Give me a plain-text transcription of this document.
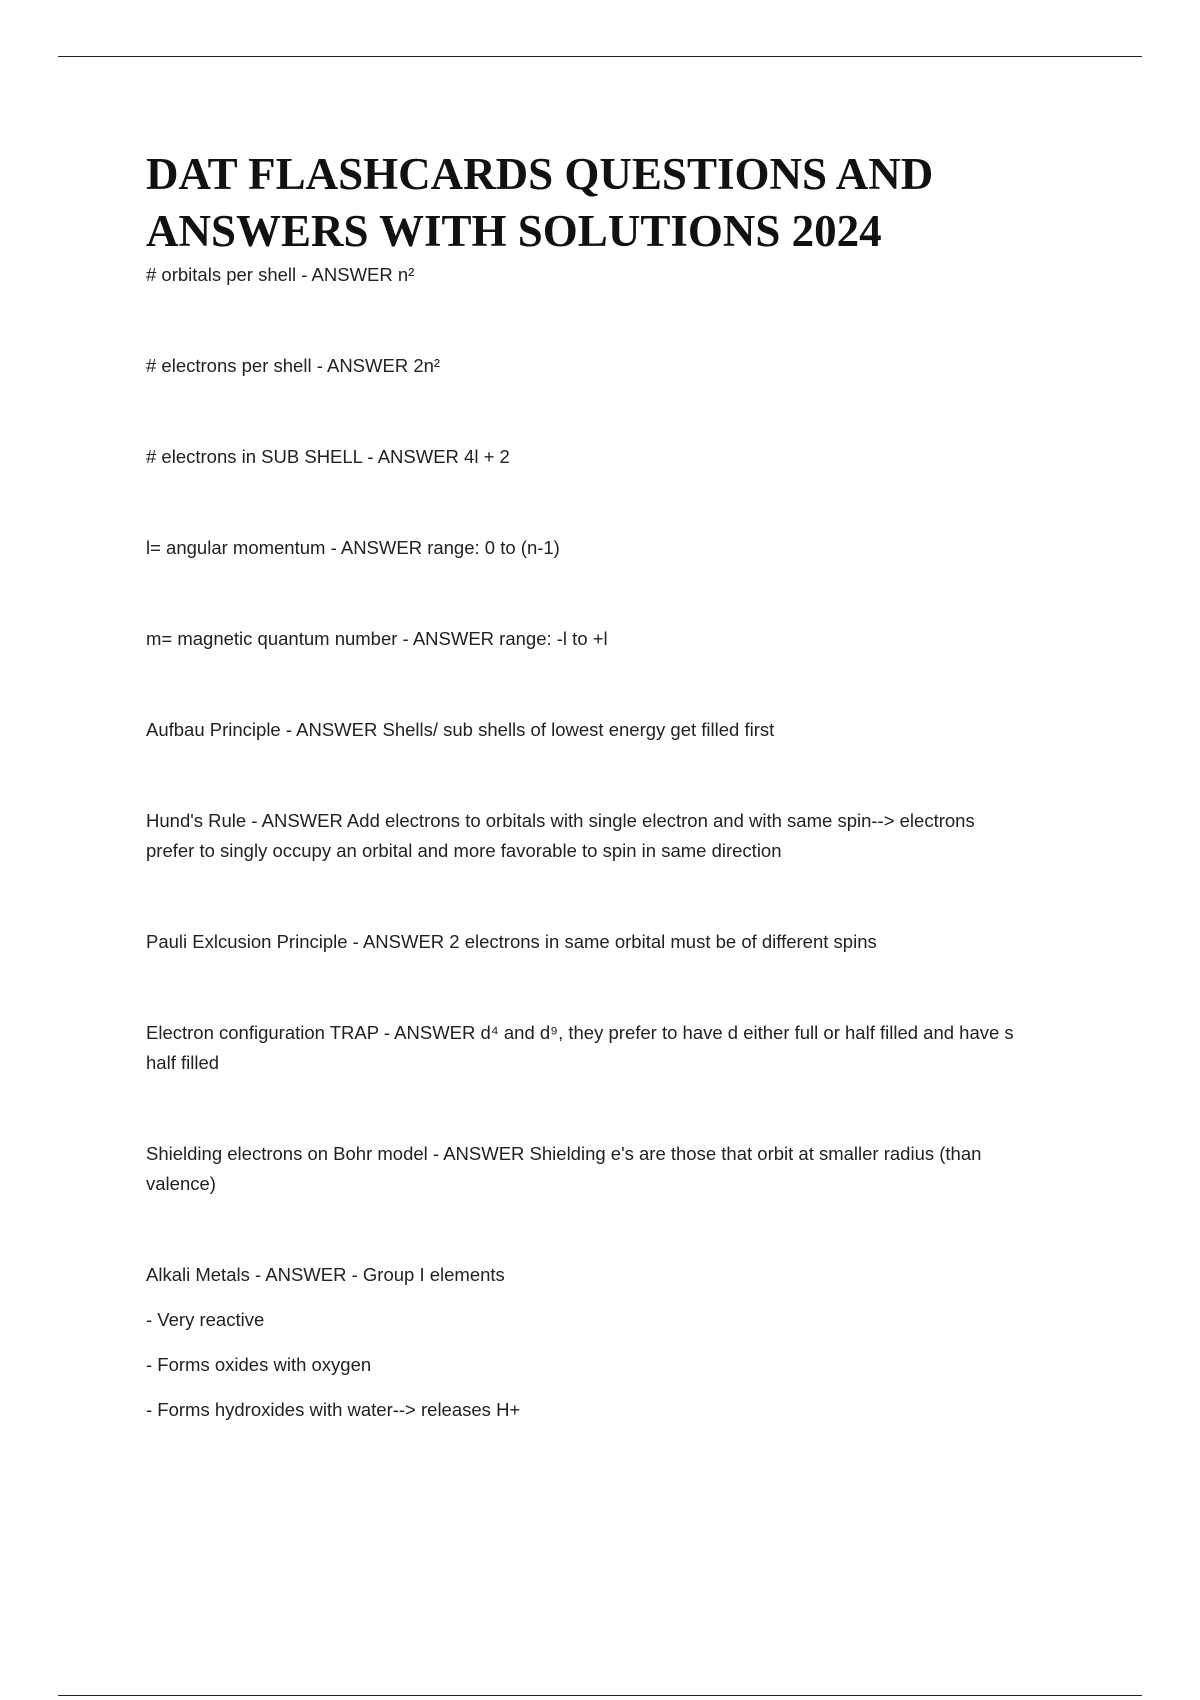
DAT FLASHCARDS QUESTIONS AND ANSWERS WITH SOLUTIONS 2024

# orbitals per shell - ANSWER n²

# electrons per shell - ANSWER 2n²

# electrons in SUB SHELL - ANSWER 4l + 2

l= angular momentum - ANSWER range: 0 to (n-1)

m= magnetic quantum number - ANSWER range: -l to +l

Aufbau Principle - ANSWER Shells/ sub shells of lowest energy get filled first

Hund's Rule - ANSWER Add electrons to orbitals with single electron and with same spin--> electrons
prefer to singly occupy an orbital and more favorable to spin in same direction

Pauli Exlcusion Principle - ANSWER 2 electrons in same orbital must be of different spins

Electron configuration TRAP - ANSWER d⁴ and d⁹, they prefer to have d either full or half filled and have s
half filled

Shielding electrons on Bohr model - ANSWER Shielding e's are those that orbit at smaller radius (than
valence)

Alkali Metals - ANSWER - Group I elements
- Very reactive
- Forms oxides with oxygen
- Forms hydroxides with water--> releases H+
